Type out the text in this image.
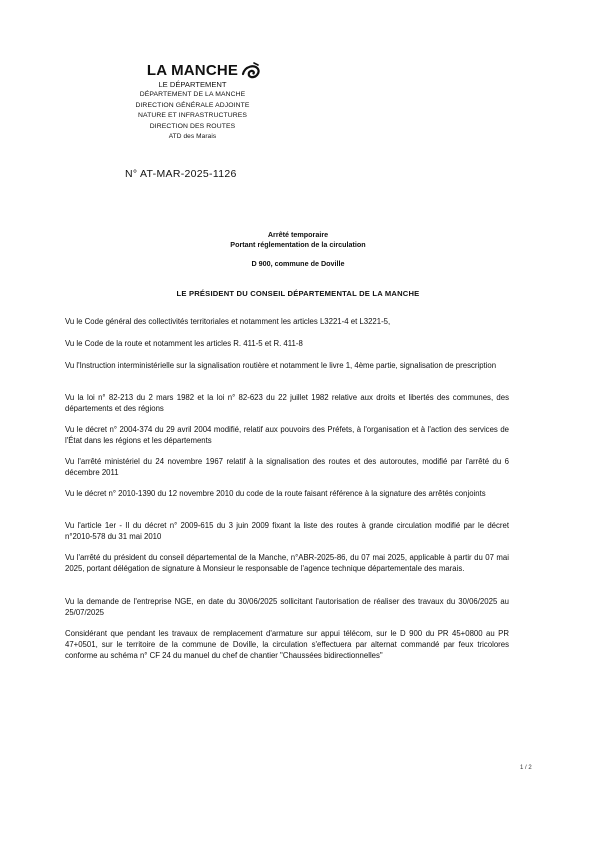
LA MANCHE
LE DÉPARTEMENT
DÉPARTEMENT DE LA MANCHE
DIRECTION GÉNÉRALE ADJOINTE
NATURE ET INFRASTRUCTURES
DIRECTION DES ROUTES
ATD des Marais
N° AT-MAR-2025-1126
Arrêté temporaire
Portant réglementation de la circulation
D 900, commune de Doville
LE PRÉSIDENT DU CONSEIL DÉPARTEMENTAL DE LA MANCHE
Vu le Code général des collectivités territoriales et notamment les articles L3221-4 et L3221-5,
Vu le Code de la route et notamment les articles R. 411-5 et R. 411-8
Vu l'Instruction interministérielle sur la signalisation routière et notamment le livre 1, 4ème partie, signalisation de prescription
Vu la loi n° 82-213 du 2 mars 1982 et la loi n° 82-623 du 22 juillet 1982 relative aux droits et libertés des communes, des départements et des régions
Vu le décret n° 2004-374 du 29 avril 2004 modifié, relatif aux pouvoirs des Préfets, à l'organisation et à l'action des services de l'État dans les régions et les départements
Vu l'arrêté ministériel du 24 novembre 1967 relatif à la signalisation des routes et des autoroutes, modifié par l'arrêté du 6 décembre 2011
Vu le décret n° 2010-1390 du 12 novembre 2010 du code de la route faisant référence à la signature des arrêtés conjoints
Vu l'article 1er - II du décret n° 2009-615 du 3 juin 2009 fixant la liste des routes à grande circulation modifié par le décret n°2010-578 du 31 mai 2010
Vu l'arrêté du président du conseil départemental de la Manche, n°ABR-2025-86, du 07 mai 2025, applicable à partir du 07 mai 2025, portant délégation de signature à Monsieur le responsable de l'agence technique départementale des marais.
Vu la demande de l'entreprise NGE, en date du 30/06/2025 sollicitant l'autorisation de réaliser des travaux du 30/06/2025 au 25/07/2025
Considérant que pendant les travaux de remplacement d'armature sur appui télécom, sur le D 900 du PR 45+0800 au PR 47+0501, sur le territoire de la commune de Doville, la circulation s'effectuera par alternat commandé par feux tricolores conforme au schéma n° CF 24 du manuel du chef de chantier "Chaussées bidirectionnelles"
1 / 2
